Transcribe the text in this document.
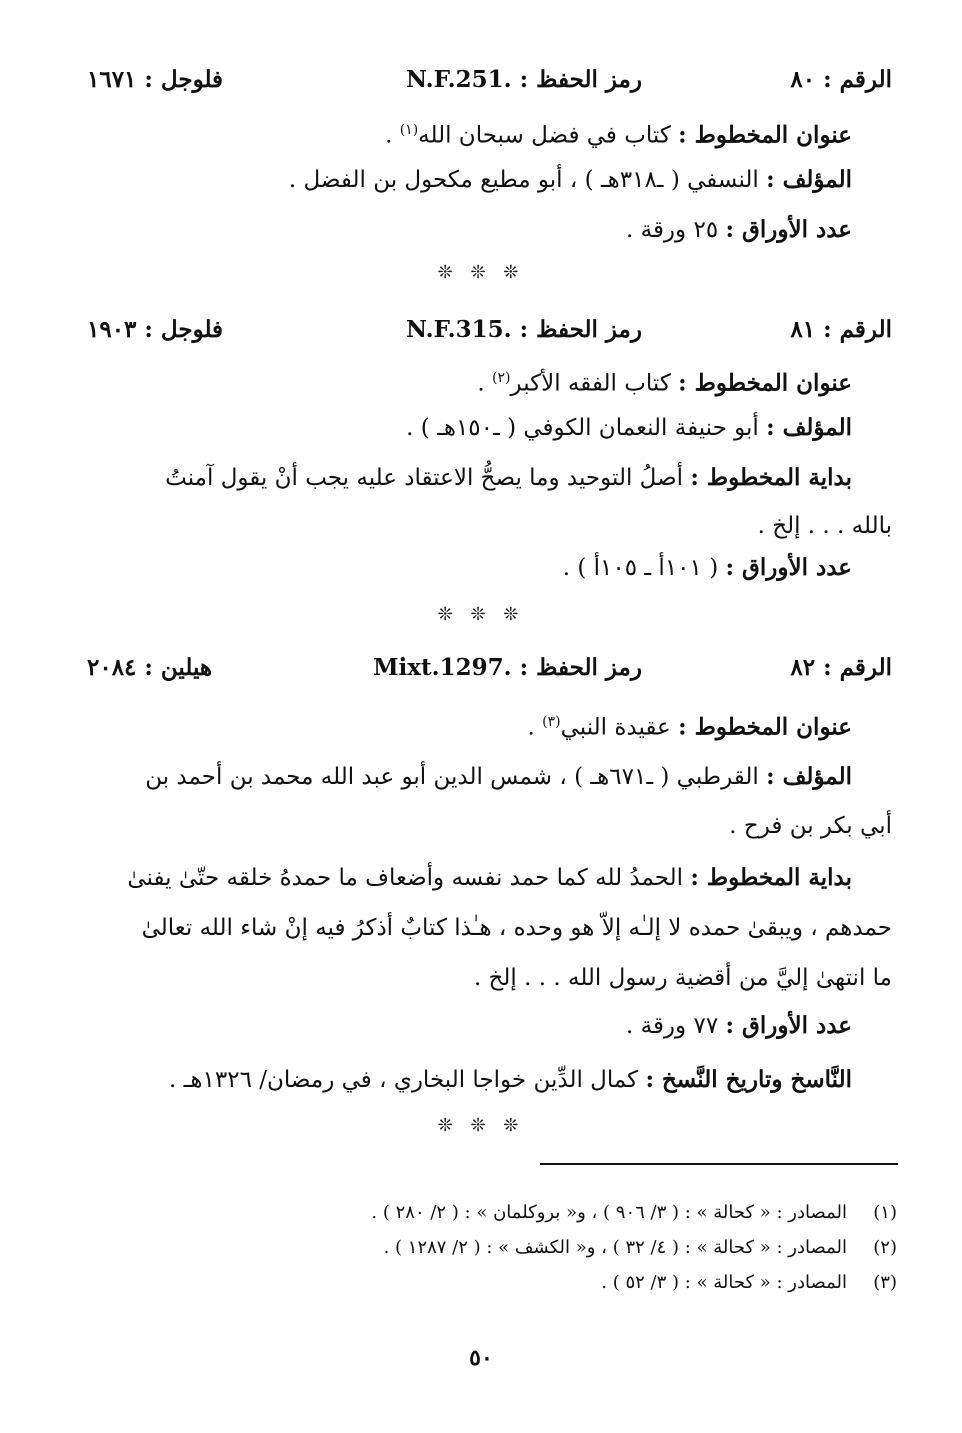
الرقم : ٨٠
رمز الحفظ : .N.F.251
فلوجل : ١٦٧١
عنوان المخطوط : كتاب في فضل سبحان الله$^{(١)}$ .
المؤلف : النسفي ( ـ٣١٨هـ ) ، أبو مطيع مكحول بن الفضل .
عدد الأوراق : ٢٥ ورقة .
❊ ❊ ❊
الرقم : ٨١
رمز الحفظ : .N.F.315
فلوجل : ١٩٠٣
عنوان المخطوط : كتاب الفقه الأكبر$^{(٢)}$ .
المؤلف : أبو حنيفة النعمان الكوفي ( ـ١٥٠هـ ) .
بداية المخطوط : أصلُ التوحيد وما يصحُّ الاعتقاد عليه يجب أنْ يقول آمنتُ
بالله . . . إلخ .
عدد الأوراق : ( ١٠١أ ـ ١٠٥أ ) .
❊ ❊ ❊
الرقم : ٨٢
رمز الحفظ : .Mixt.1297
هيلين : ٢٠٨٤
عنوان المخطوط : عقيدة النبي$^{(٣)}$ .
المؤلف : القرطبي ( ـ٦٧١هـ ) ، شمس الدين أبو عبد الله محمد بن أحمد بن
أبي بكر بن فرح .
بداية المخطوط : الحمدُ لله كما حمد نفسه وأضعاف ما حمدهُ خلقه حتّىٰ يفنىٰ
حمدهم ، ويبقىٰ حمده لا إلـٰه إلاّ هو وحده ، هـٰذا كتابٌ أذكرُ فيه إنْ شاء الله تعالىٰ
ما انتهىٰ إليَّ من أقضية رسول الله . . . إلخ .
عدد الأوراق : ٧٧ ورقة .
النَّاسخ وتاريخ النَّسخ : كمال الدِّين خواجا البخاري ، في رمضان/ ١٣٢٦هـ .
❊ ❊ ❊
(١)المصادر : « كحالة » : ( ٣/ ٩٠٦ ) ، و« بروكلمان » : ( ٢/ ٢٨٠ ) .
(٢)المصادر : « كحالة » : ( ٤/ ٣٢ ) ، و« الكشف » : ( ٢/ ١٢٨٧ ) .
(٣)المصادر : « كحالة » : ( ٣/ ٥٢ ) .
٥٠
